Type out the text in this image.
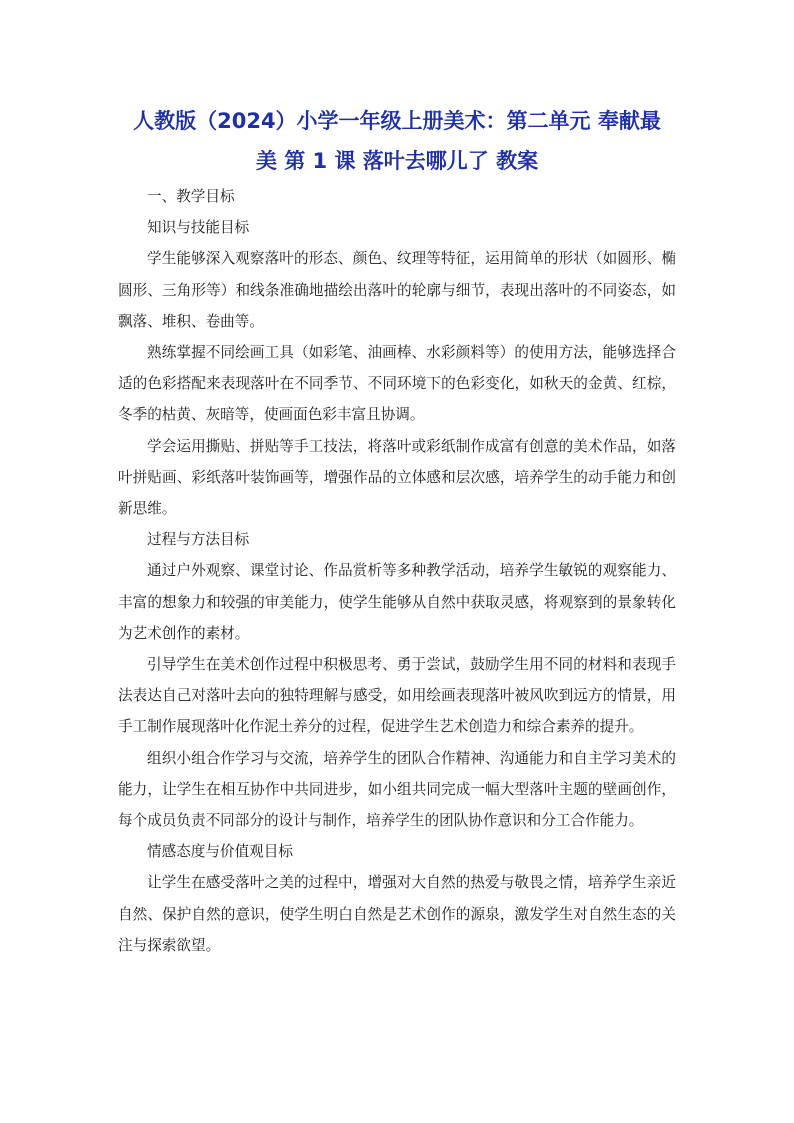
人教版（2024）小学一年级上册美术：第二单元 奉献最
美 第 1 课 落叶去哪儿了 教案

一、教学目标

知识与技能目标

学生能够深入观察落叶的形态、颜色、纹理等特征，运用简单的形状（如圆形、椭圆形、三角形等）和线条准确地描绘出落叶的轮廓与细节，表现出落叶的不同姿态，如飘落、堆积、卷曲等。

熟练掌握不同绘画工具（如彩笔、油画棒、水彩颜料等）的使用方法，能够选择合适的色彩搭配来表现落叶在不同季节、不同环境下的色彩变化，如秋天的金黄、红棕，冬季的枯黄、灰暗等，使画面色彩丰富且协调。

学会运用撕贴、拼贴等手工技法，将落叶或彩纸制作成富有创意的美术作品，如落叶拼贴画、彩纸落叶装饰画等，增强作品的立体感和层次感，培养学生的动手能力和创新思维。

过程与方法目标

通过户外观察、课堂讨论、作品赏析等多种教学活动，培养学生敏锐的观察能力、丰富的想象力和较强的审美能力，使学生能够从自然中获取灵感，将观察到的景象转化为艺术创作的素材。

引导学生在美术创作过程中积极思考、勇于尝试，鼓励学生用不同的材料和表现手法表达自己对落叶去向的独特理解与感受，如用绘画表现落叶被风吹到远方的情景，用手工制作展现落叶化作泥土养分的过程，促进学生艺术创造力和综合素养的提升。

组织小组合作学习与交流，培养学生的团队合作精神、沟通能力和自主学习美术的能力，让学生在相互协作中共同进步，如小组共同完成一幅大型落叶主题的壁画创作，每个成员负责不同部分的设计与制作，培养学生的团队协作意识和分工合作能力。

情感态度与价值观目标

让学生在感受落叶之美的过程中，增强对大自然的热爱与敬畏之情，培养学生亲近自然、保护自然的意识，使学生明白自然是艺术创作的源泉，激发学生对自然生态的关注与探索欲望。
